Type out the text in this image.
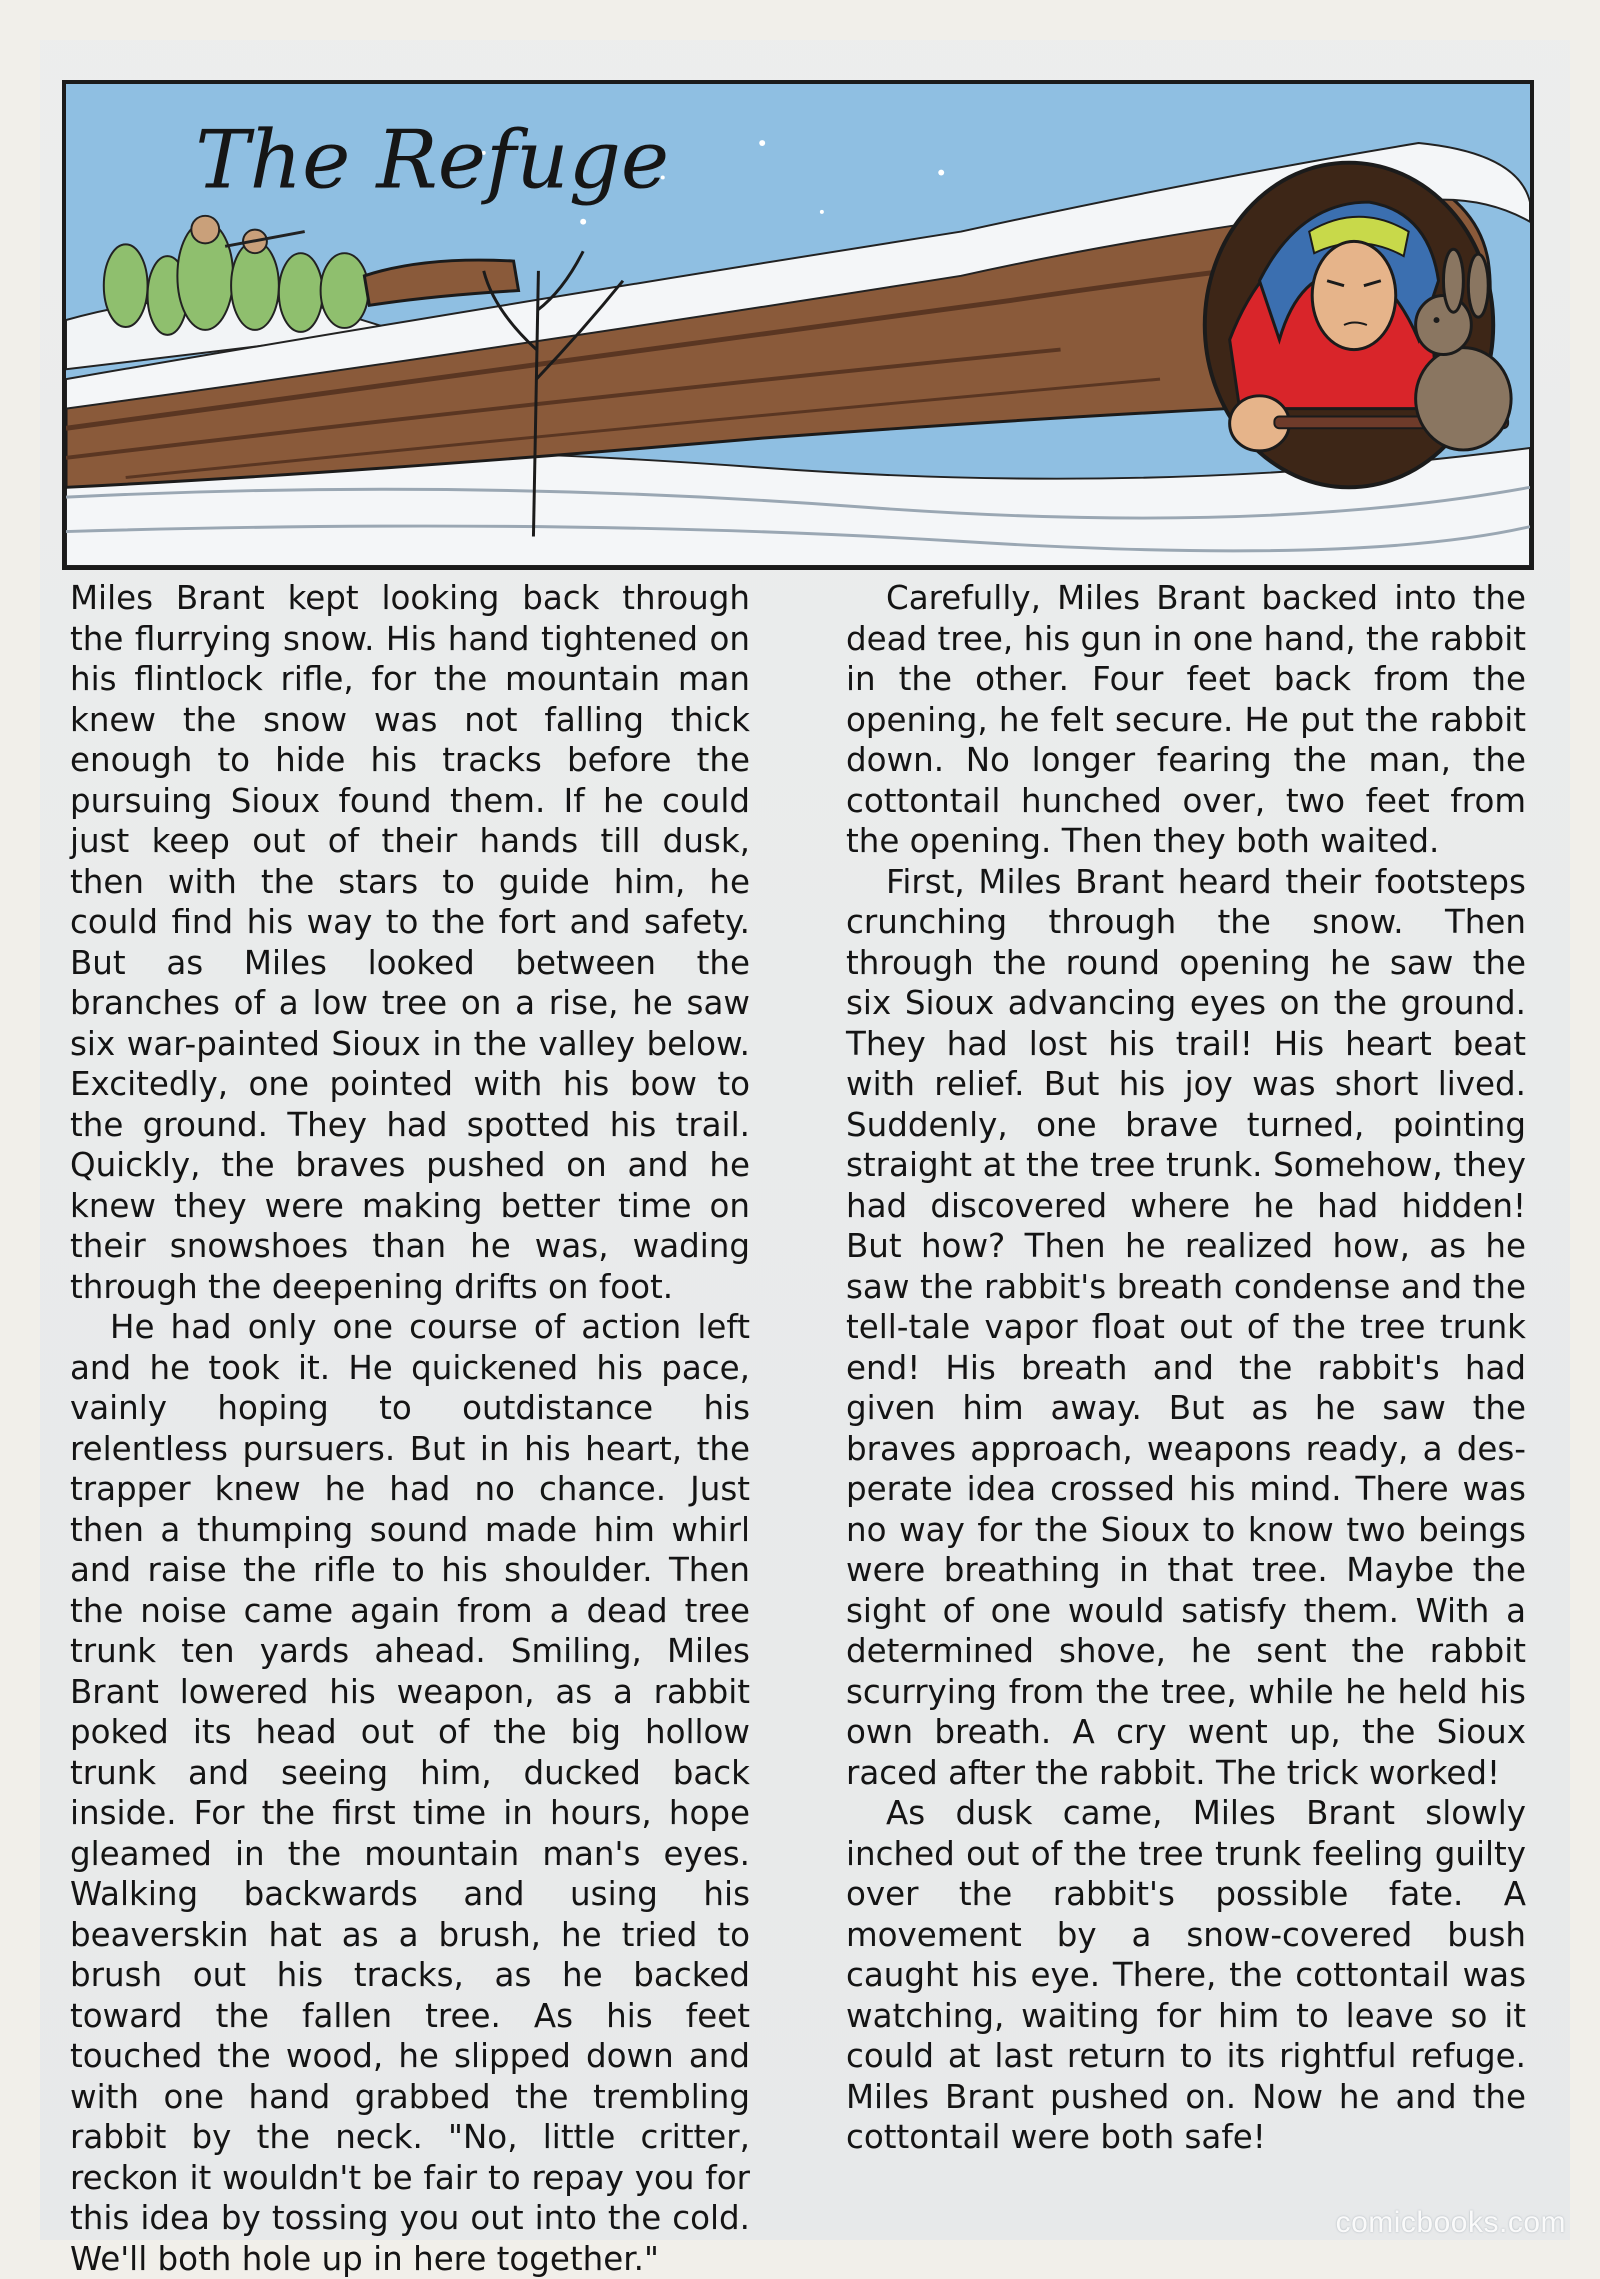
The Refuge

Miles Brant kept looking back through the flurrying snow. His hand tightened on his flintlock rifle, for the mountain man knew the snow was not falling thick enough to hide his tracks before the pursuing Sioux found them. If he could just keep out of their hands till dusk, then with the stars to guide him, he could find his way to the fort and safety. But as Miles looked between the branches of a low tree on a rise, he saw six war-painted Sioux in the valley below. Excitedly, one pointed with his bow to the ground. They had spotted his trail. Quickly, the braves pushed on and he knew they were making better time on their snowshoes than he was, wading through the deepening drifts on foot.

He had only one course of action left and he took it. He quickened his pace, vainly hoping to outdistance his relentless pursuers. But in his heart, the trapper knew he had no chance. Just then a thumping sound made him whirl and raise the rifle to his shoulder. Then the noise came again from a dead tree trunk ten yards ahead. Smiling, Miles Brant lowered his weapon, as a rabbit poked its head out of the big hollow trunk and seeing him, ducked back inside. For the first time in hours, hope gleamed in the mountain man's eyes. Walking backwards and using his beaverskin hat as a brush, he tried to brush out his tracks, as he backed toward the fallen tree. As his feet touched the wood, he slipped down and with one hand grabbed the trembling rabbit by the neck. "No, little critter, reckon it wouldn't be fair to repay you for this idea by tossing you out into the cold. We'll both hole up in here together."

Carefully, Miles Brant backed into the dead tree, his gun in one hand, the rabbit in the other. Four feet back from the opening, he felt secure. He put the rabbit down. No longer fearing the man, the cottontail hunched over, two feet from the opening. Then they both waited.

First, Miles Brant heard their footsteps crunching through the snow. Then through the round opening he saw the six Sioux advancing eyes on the ground. They had lost his trail! His heart beat with relief. But his joy was short lived. Suddenly, one brave turned, pointing straight at the tree trunk. Somehow, they had discovered where he had hidden! But how? Then he realized how, as he saw the rabbit's breath condense and the tell-tale vapor float out of the tree trunk end! His breath and the rabbit's had given him away. But as he saw the braves approach, weapons ready, a desperate idea crossed his mind. There was no way for the Sioux to know two beings were breathing in that tree. Maybe the sight of one would satisfy them. With a determined shove, he sent the rabbit scurrying from the tree, while he held his own breath. A cry went up, the Sioux raced after the rabbit. The trick worked!

As dusk came, Miles Brant slowly inched out of the tree trunk feeling guilty over the rabbit's possible fate. A movement by a snow-covered bush caught his eye. There, the cottontail was watching, waiting for him to leave so it could at last return to its rightful refuge. Miles Brant pushed on. Now he and the cottontail were both safe!

comicbooks.com
